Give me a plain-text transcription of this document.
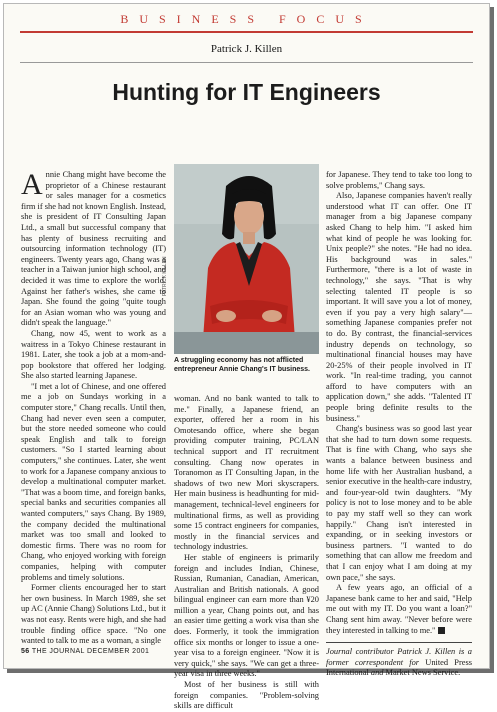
BUSINESS FOCUS
Patrick J. Killen
Hunting for IT Engineers
PATRICK KILLEN
A struggling economy has not afflicted entrepreneur Annie Chang's IT business.

Annie Chang might have become the proprietor of a Chinese restaurant or sales manager for a cosmetics firm if she had not known English. Instead, she is president of IT Consulting Japan Ltd., a small but successful company that has plenty of business recruiting and outsourcing information technology (IT) engineers. Twenty years ago, Chang was a teacher in a Taiwan junior high school, and decided it was time to explore the world. Against her father's wishes, she came to Japan. She found the going "quite tough for an Asian woman who was young and didn't speak the language."

Chang, now 45, went to work as a waitress in a Tokyo Chinese restaurant in 1981. Later, she took a job at a mom-and-pop bookstore that offered her lodging. She also started learning Japanese.

"I met a lot of Chinese, and one offered me a job on Sundays working in a computer store," Chang recalls. Until then, Chang had never even seen a computer, but the store needed someone who could speak English and talk to foreign customers. "So I started learning about computers," she continues. Later, she went to work for a Japanese company anxious to develop a multinational computer market. "That was a boom time, and foreign banks, special banks and securities companies all wanted computers," says Chang. By 1989, the company decided the multinational market was too small and looked to domestic firms. There was no room for Chang, who enjoyed working with foreign companies, helping with computer problems and timely solutions.

Former clients encouraged her to start her own business. In March 1989, she set up AC (Annie Chang) Solutions Ltd., but it was not easy. Rents were high, and she had trouble finding office space. "No one wanted to talk to me as a woman, a single

woman. And no bank wanted to talk to me." Finally, a Japanese friend, an exporter, offered her a room in his Omotesando office, where she began providing computer training, PC/LAN technical support and IT recruitment consulting. Chang now operates in Toranomon as IT Consulting Japan, in the shadows of two new Mori skyscrapers. Her main business is headhunting for mid-management, technical-level engineers for multinational firms, as well as providing some 15 contract engineers for companies, mostly in the financial services and technology industries.

Her stable of engineers is primarily foreign and includes Indian, Chinese, Russian, Rumanian, Canadian, American, Australian and British nationals. A good bilingual engineer can earn more than ¥20 million a year, Chang points out, and has an easier time getting a work visa than she does. Formerly, it took the immigration office six months or longer to issue a one-year visa to a foreign engineer. "Now it is very quick," she says. "We can get a three-year visa in three weeks."

Most of her business is still with foreign companies. "Problem-solving skills are difficult

for Japanese. They tend to take too long to solve problems," Chang says.

Also, Japanese companies haven't really understood what IT can offer. One IT manager from a big Japanese company asked Chang to help him. "I asked him what kind of people he was looking for. Unix people?" she notes. "He had no idea. His background was in sales." Furthermore, "there is a lot of waste in technology," she says. "That is why selecting talented IT people is so important. It will save you a lot of money, even if you pay a very high salary"—something Japanese companies prefer not to do. By contrast, the financial-services industry depends on technology, so multinational financial houses may have 20-25% of their people involved in IT work. "In real-time trading, you cannot afford to have computers with an application down," she adds. "Talented IT people bring definite results to the business."

Chang's business was so good last year that she had to turn down some requests. That is fine with Chang, who says she wants a balance between business and home life with her Australian husband, a senior executive in the health-care industry, and four-year-old twin daughters. "My policy is not to lose money and to be able to pay my staff well so they can work happily." Chang isn't interested in expanding, or in seeking investors or business partners. "I wanted to do something that can allow me freedom and that I can enjoy what I am doing at my own pace," she says.

A few years ago, an official of a Japanese bank came to her and said, "Help me out with my IT. Do you want a loan?" Chang sent him away. "Never before were they interested in talking to me."

Journal contributor Patrick J. Killen is a former correspondent for United Press International and Market News Service.

56 THE JOURNAL DECEMBER 2001
